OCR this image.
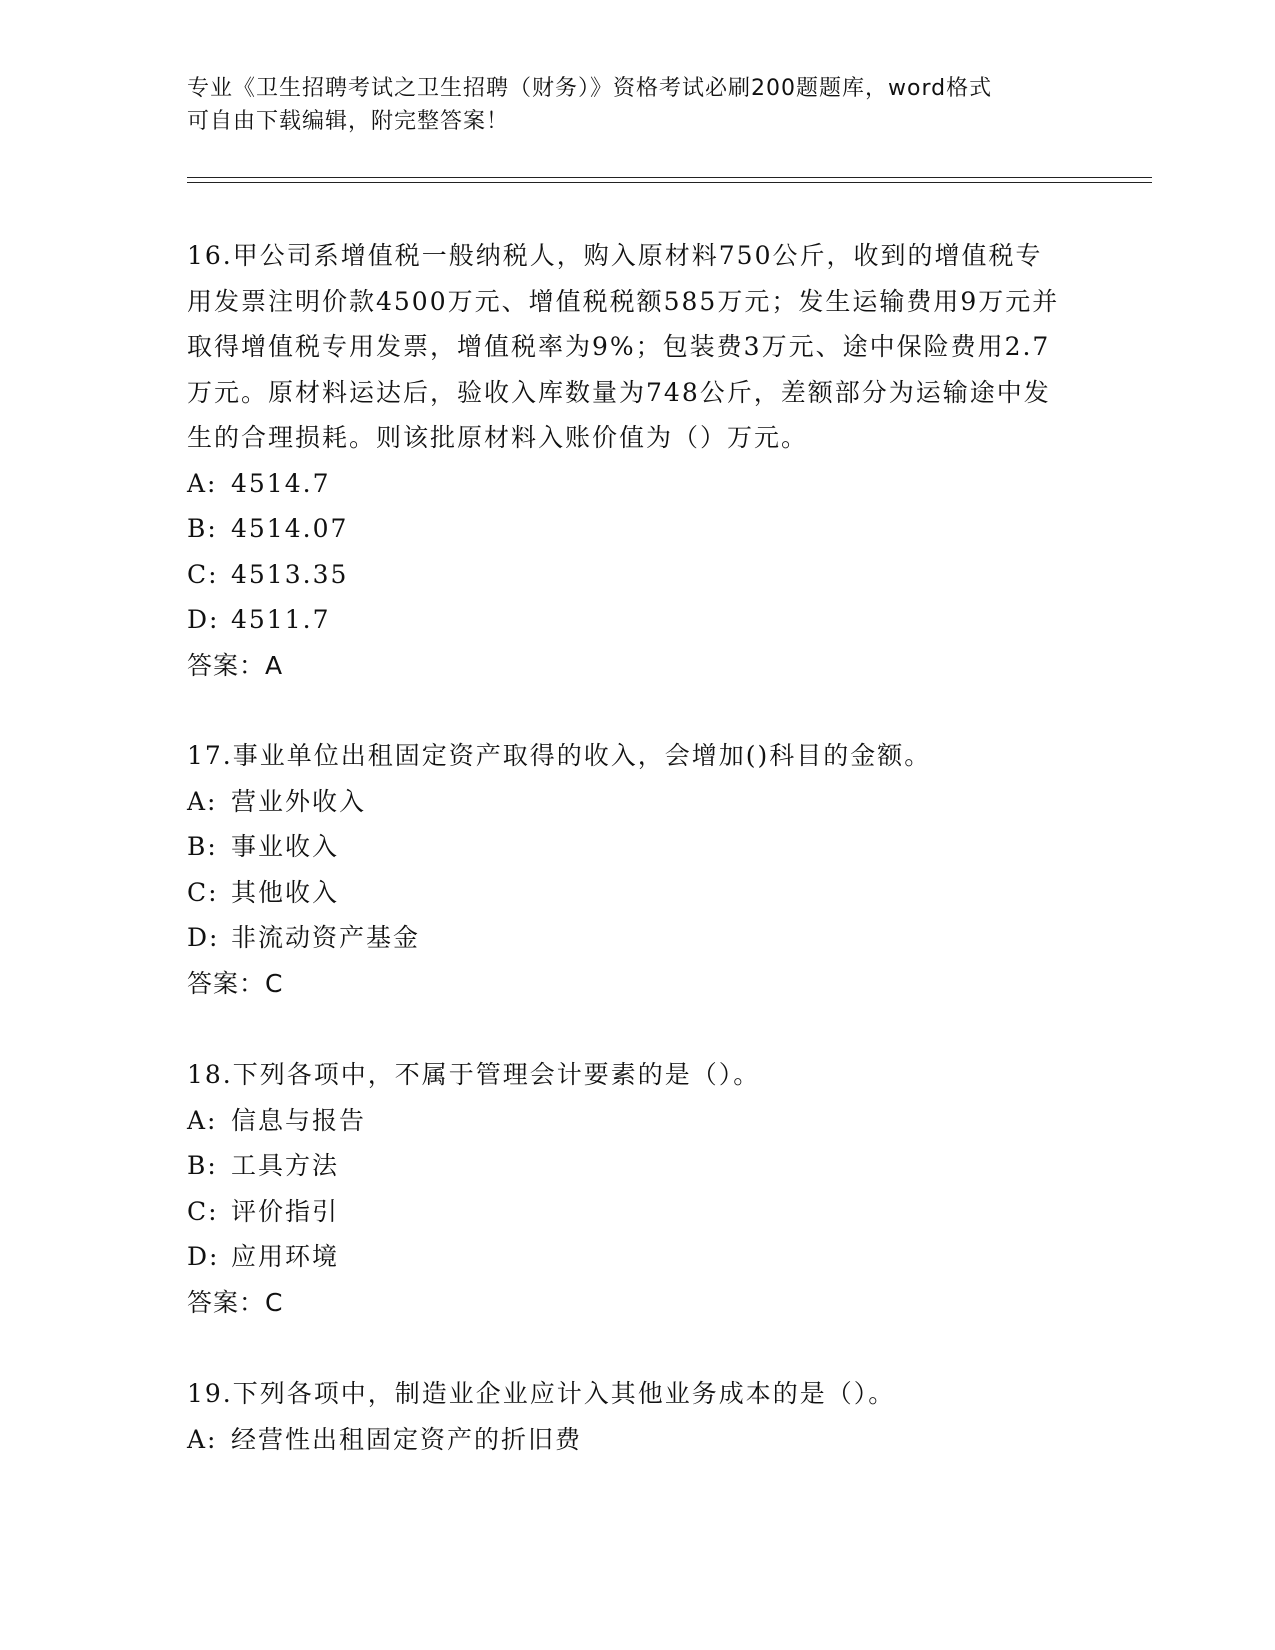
专业《卫生招聘考试之卫生招聘（财务）》资格考试必刷200题题库，word格式
可自由下载编辑，附完整答案！

16.甲公司系增值税一般纳税人，购入原材料750公斤，收到的增值税专用发票注明价款4500万元、增值税税额585万元；发生运输费用9万元并取得增值税专用发票，增值税率为9%；包装费3万元、途中保险费用2.7万元。原材料运达后，验收入库数量为748公斤，差额部分为运输途中发生的合理损耗。则该批原材料入账价值为（）万元。

A: 4514.7

B: 4514.07

C: 4513.35

D: 4511.7

答案：A

17.事业单位出租固定资产取得的收入，会增加()科目的金额。

A: 营业外收入

B: 事业收入

C: 其他收入

D: 非流动资产基金

答案：C

18.下列各项中，不属于管理会计要素的是（）。

A: 信息与报告

B: 工具方法

C: 评价指引

D: 应用环境

答案：C

19.下列各项中，制造业企业应计入其他业务成本的是（）。

A: 经营性出租固定资产的折旧费
